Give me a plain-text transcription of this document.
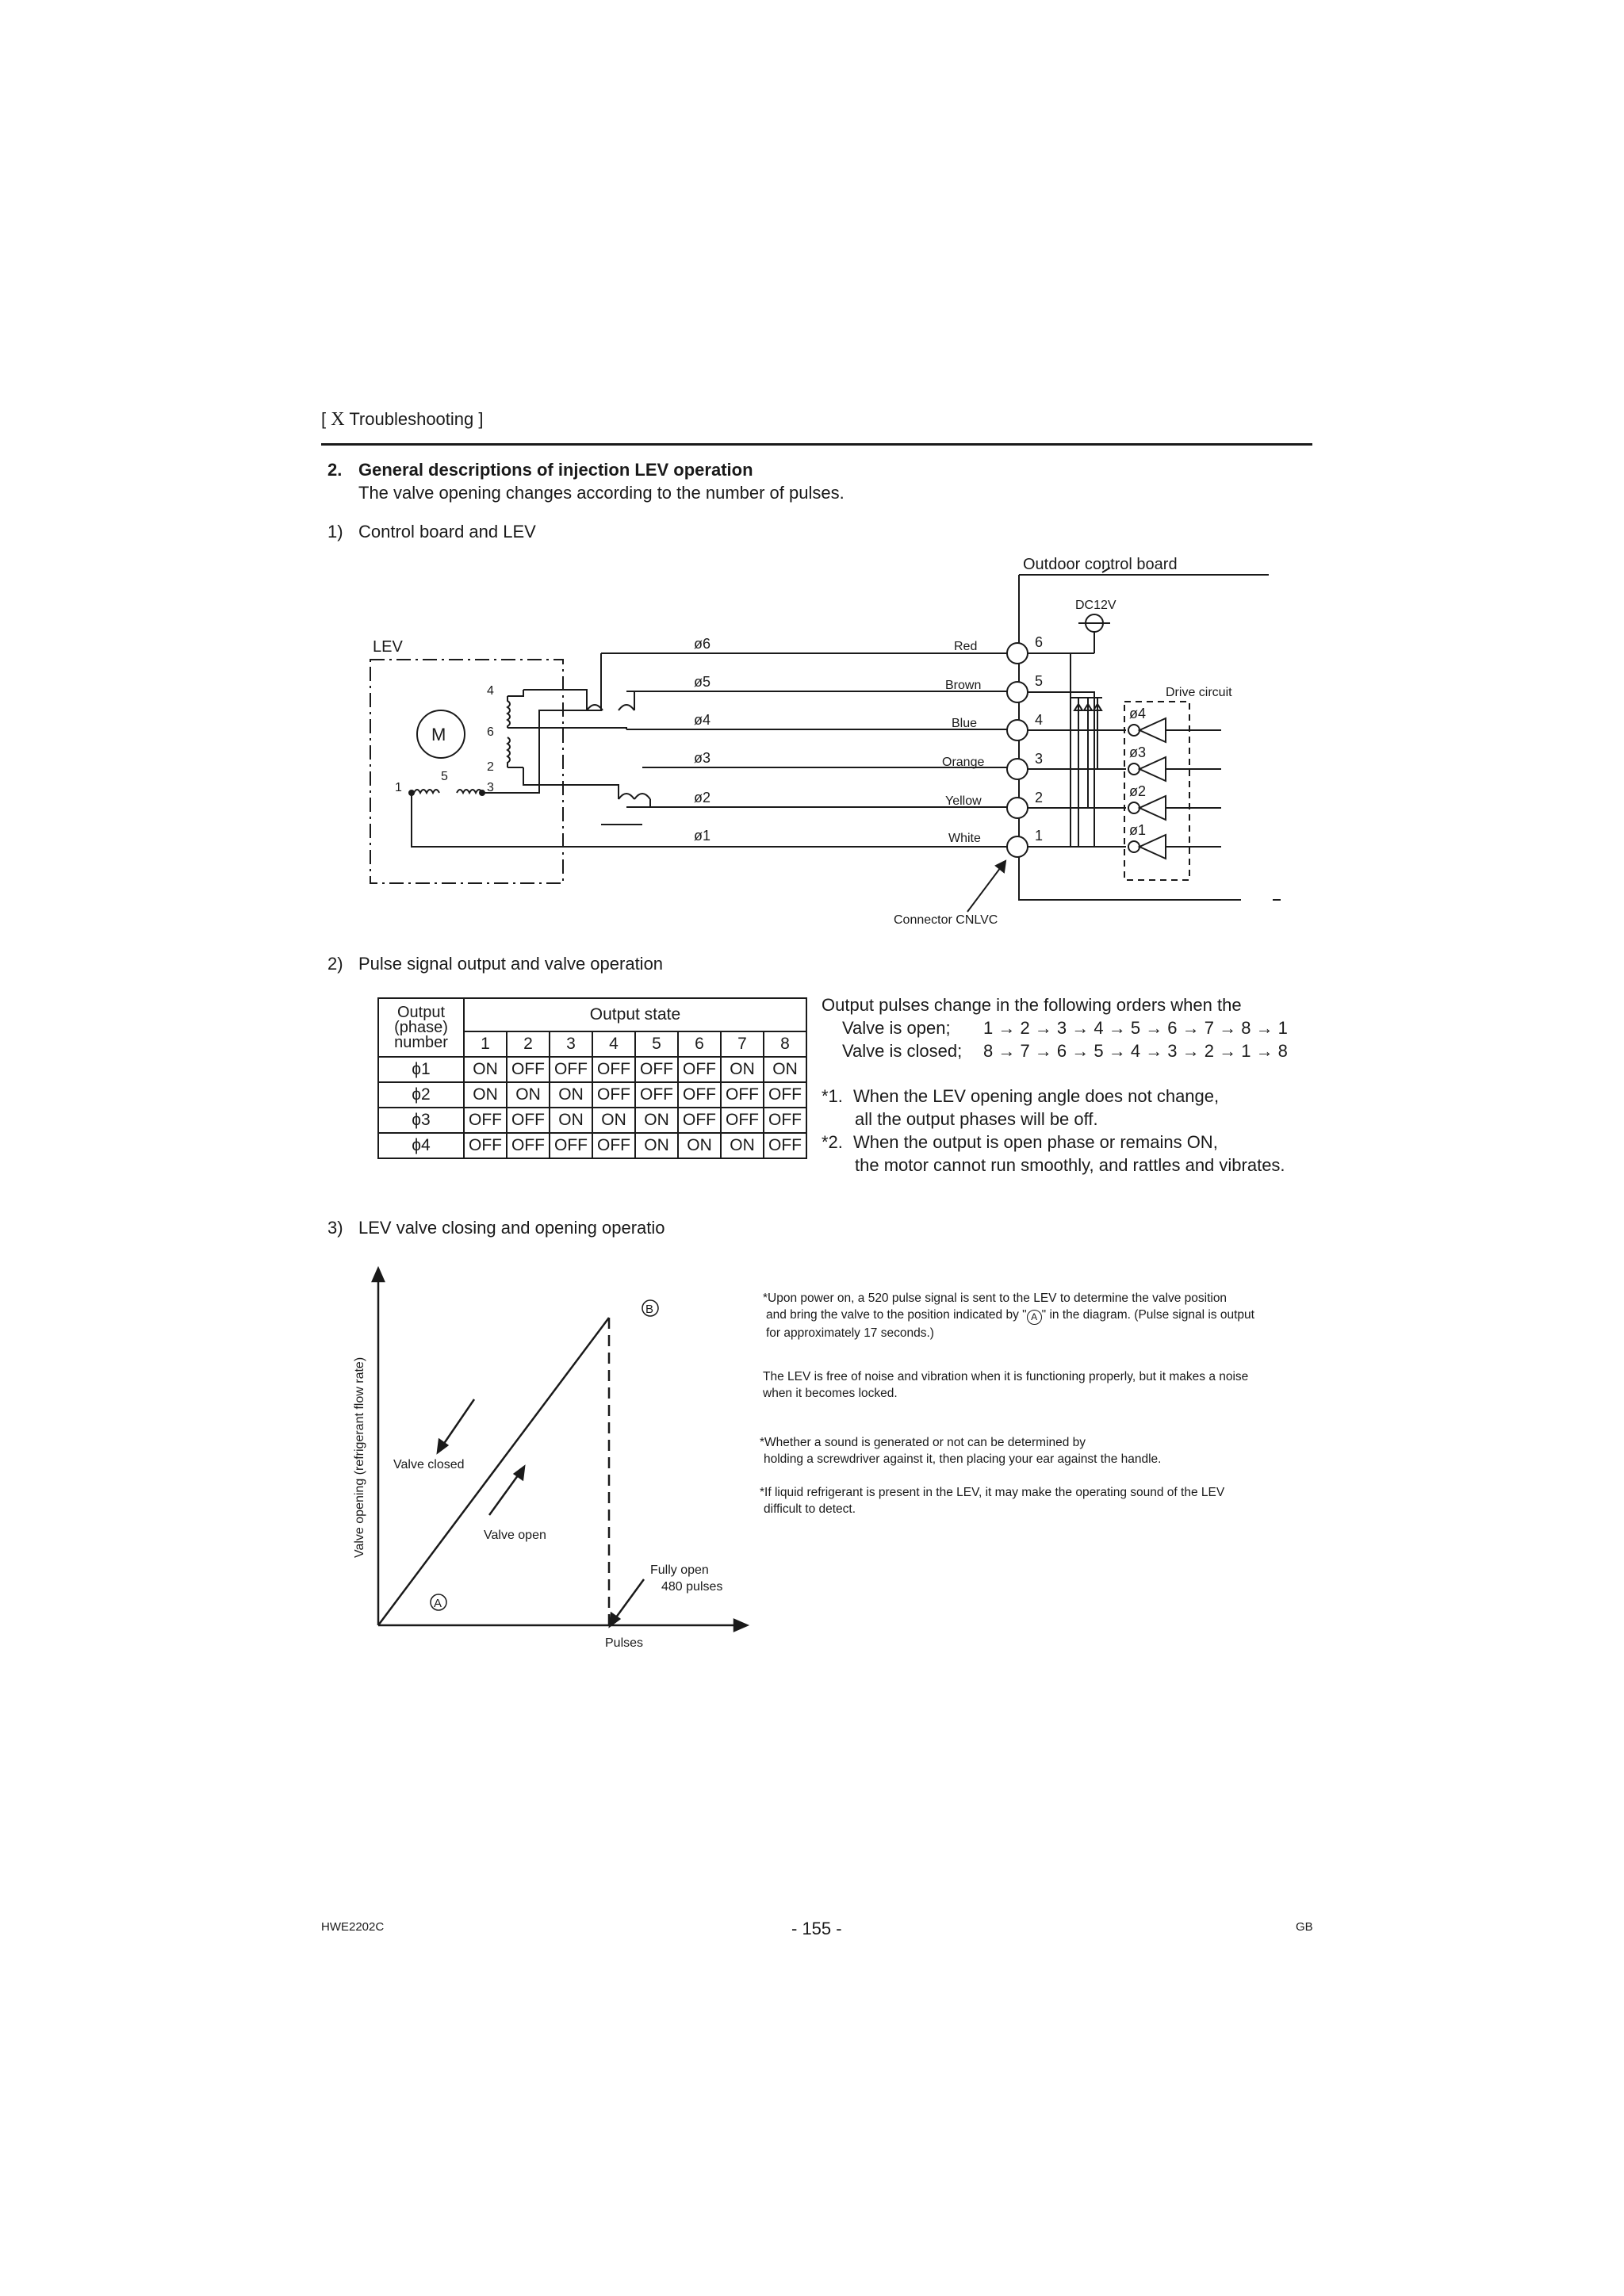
[ X Troubleshooting ]
2. General descriptions of injection LEV operation
The valve opening changes according to the number of pulses.
1) Control board and LEV
Outdoor control board
DC12V
Drive circuit
LEV
M
Connector CNLVC
4
6
2
5
1	3
ø6
ø5
ø4
ø3
ø2
ø1
Red
Brown
Blue
Orange
Yellow
White
6
5
4
3
2
1
ø4
ø3
ø2
ø1
2) Pulse signal output and valve operation
Output
(phase)
number	Output state							
	1	2	3	4	5	6	7	8
ϕ1	ON	OFF	OFF	OFF	OFF	OFF	ON	ON
ϕ2	ON	ON	ON	OFF	OFF	OFF	OFF	OFF
ϕ3	OFF	OFF	ON	ON	ON	OFF	OFF	OFF
ϕ4	OFF	OFF	OFF	OFF	ON	ON	ON	OFF
Output pulses change in the following orders when the
Valve is open; 1 → 2 → 3 → 4 → 5 → 6 → 7 → 8 → 1
Valve is closed; 8 → 7 → 6 → 5 → 4 → 3 → 2 → 1 → 8
*1. When the LEV opening angle does not change,
all the output phases will be off.
*2. When the output is open phase or remains ON,
the motor cannot run smoothly, and rattles and vibrates.
3) LEV valve closing and opening operatio
A
B
Valve closed
Valve open
Fully open
480 pulses
Pulses
Valve opening (refrigerant flow rate)
*Upon power on, a 520 pulse signal is sent to the LEV to determine the valve position
and bring the valve to the position indicated by " A " in the diagram. (Pulse signal is output
for approximately 17 seconds.)
The LEV is free of noise and vibration when it is functioning properly, but it makes a noise
when it becomes locked.
*Whether a sound is generated or not can be determined by
holding a screwdriver against it, then placing your ear against the handle.
*If liquid refrigerant is present in the LEV, it may make the operating sound of the LEV
difficult to detect.
HWE2202C	- 155 -	GB
